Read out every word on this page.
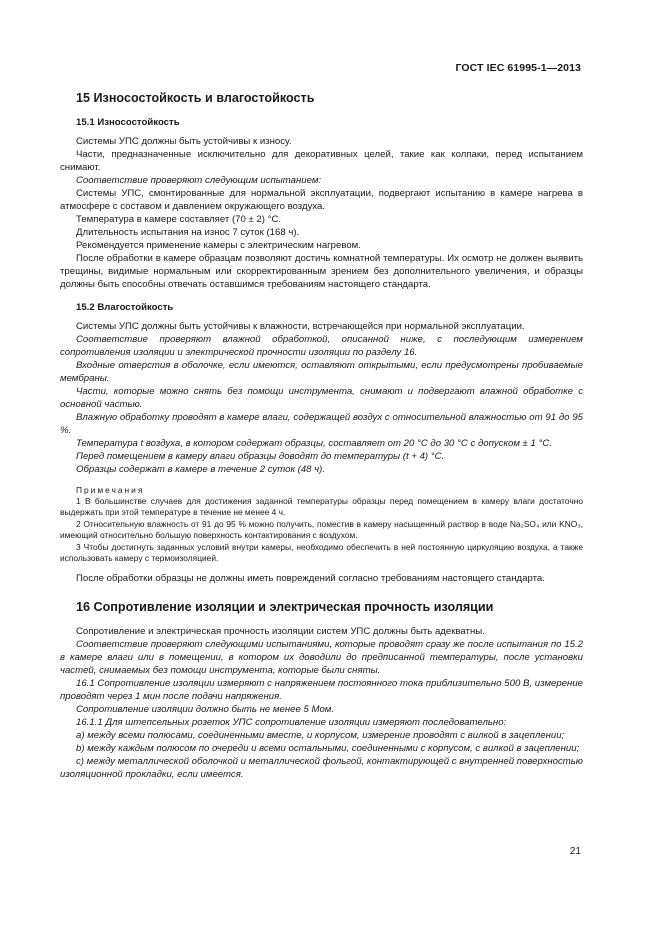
ГОСТ IEC 61995-1—2013
15 Износостойкость и влагостойкость
15.1 Износостойкость

Системы УПС должны быть устойчивы к износу.

Части, предназначенные исключительно для декоративных целей, такие как колпаки, перед испытанием снимают.

Соответствие проверяют следующим испытанием:

Системы УПС, смонтированные для нормальной эксплуатации, подвергают испытанию в камере нагрева в атмосфере с составом и давлением окружающего воздуха.

Температура в камере составляет (70 ± 2) °С.

Длительность испытания на износ 7 суток (168 ч).

Рекомендуется применение камеры с электрическим нагревом.

После обработки в камере образцам позволяют достичь комнатной температуры. Их осмотр не должен выявить трещины, видимые нормальным или скорректированным зрением без дополнительного увеличения, и образцы должны быть способны отвечать оставшимся требованиям настоящего стандарта.

15.2 Влагостойкость

Системы УПС должны быть устойчивы к влажности, встречающейся при нормальной эксплуатации.

Соответствие проверяют влажной обработкой, описанной ниже, с последующим измерением сопротивления изоляции и электрической прочности изоляции по разделу 16.

Входные отверстия в оболочке, если имеются, оставляют открытыми, если предусмотрены пробиваемые мембраны.

Части, которые можно снять без помощи инструмента, снимают и подвергают влажной обработке с основной частью.

Влажную обработку проводят в камере влаги, содержащей воздух с относительной влажностью от 91 до 95 %.

Температура t воздуха, в котором содержат образцы, составляет от 20 °С до 30 °С с допуском ± 1 °С.

Перед помещением в камеру влаги образцы доводят до температуры (t + 4) °С.

Образцы содержат в камере в течение 2 суток (48 ч).

Примечания

1 В большинстве случаев для достижения заданной температуры образцы перед помещением в камеру влаги достаточно выдержать при этой температуре в течение не менее 4 ч.

2 Относительную влажность от 91 до 95 % можно получить, поместив в камеру насыщенный раствор в воде Na₂SO₄ или KNO₃, имеющий относительно большую поверхность контактирования с воздухом.

3 Чтобы достигнуть заданных условий внутри камеры, необходимо обеспечить в ней постоянную циркуляцию воздуха, а также использовать камеру с термоизоляцией.

После обработки образцы не должны иметь повреждений согласно требованиям настоящего стандарта.

16 Сопротивление изоляции и электрическая прочность изоляции

Сопротивление и электрическая прочность изоляции систем УПС должны быть адекватны.

Соответствие проверяют следующими испытаниями, которые проводят сразу же после испытания по 15.2 в камере влаги или в помещении, в котором их доводили до предписанной температуры, после установки частей, снимаемых без помощи инструмента, которые были сняты.

16.1 Сопротивление изоляции измеряют с напряжением постоянного тока приблизительно 500 В, измерение проводят через 1 мин после подачи напряжения.

Сопротивление изоляции должно быть не менее 5 Мом.

16.1.1 Для штепсельных розеток УПС сопротивление изоляции измеряют последовательно:

а) между всеми полюсами, соединенными вместе, и корпусом, измерение проводят с вилкой в зацеплении;

b) между каждым полюсом по очереди и всеми остальными, соединенными с корпусом, с вилкой в зацеплении;

с) между металлической оболочкой и металлической фольгой, контактирующей с внутренней поверхностью изоляционной прокладки, если имеется.

21
